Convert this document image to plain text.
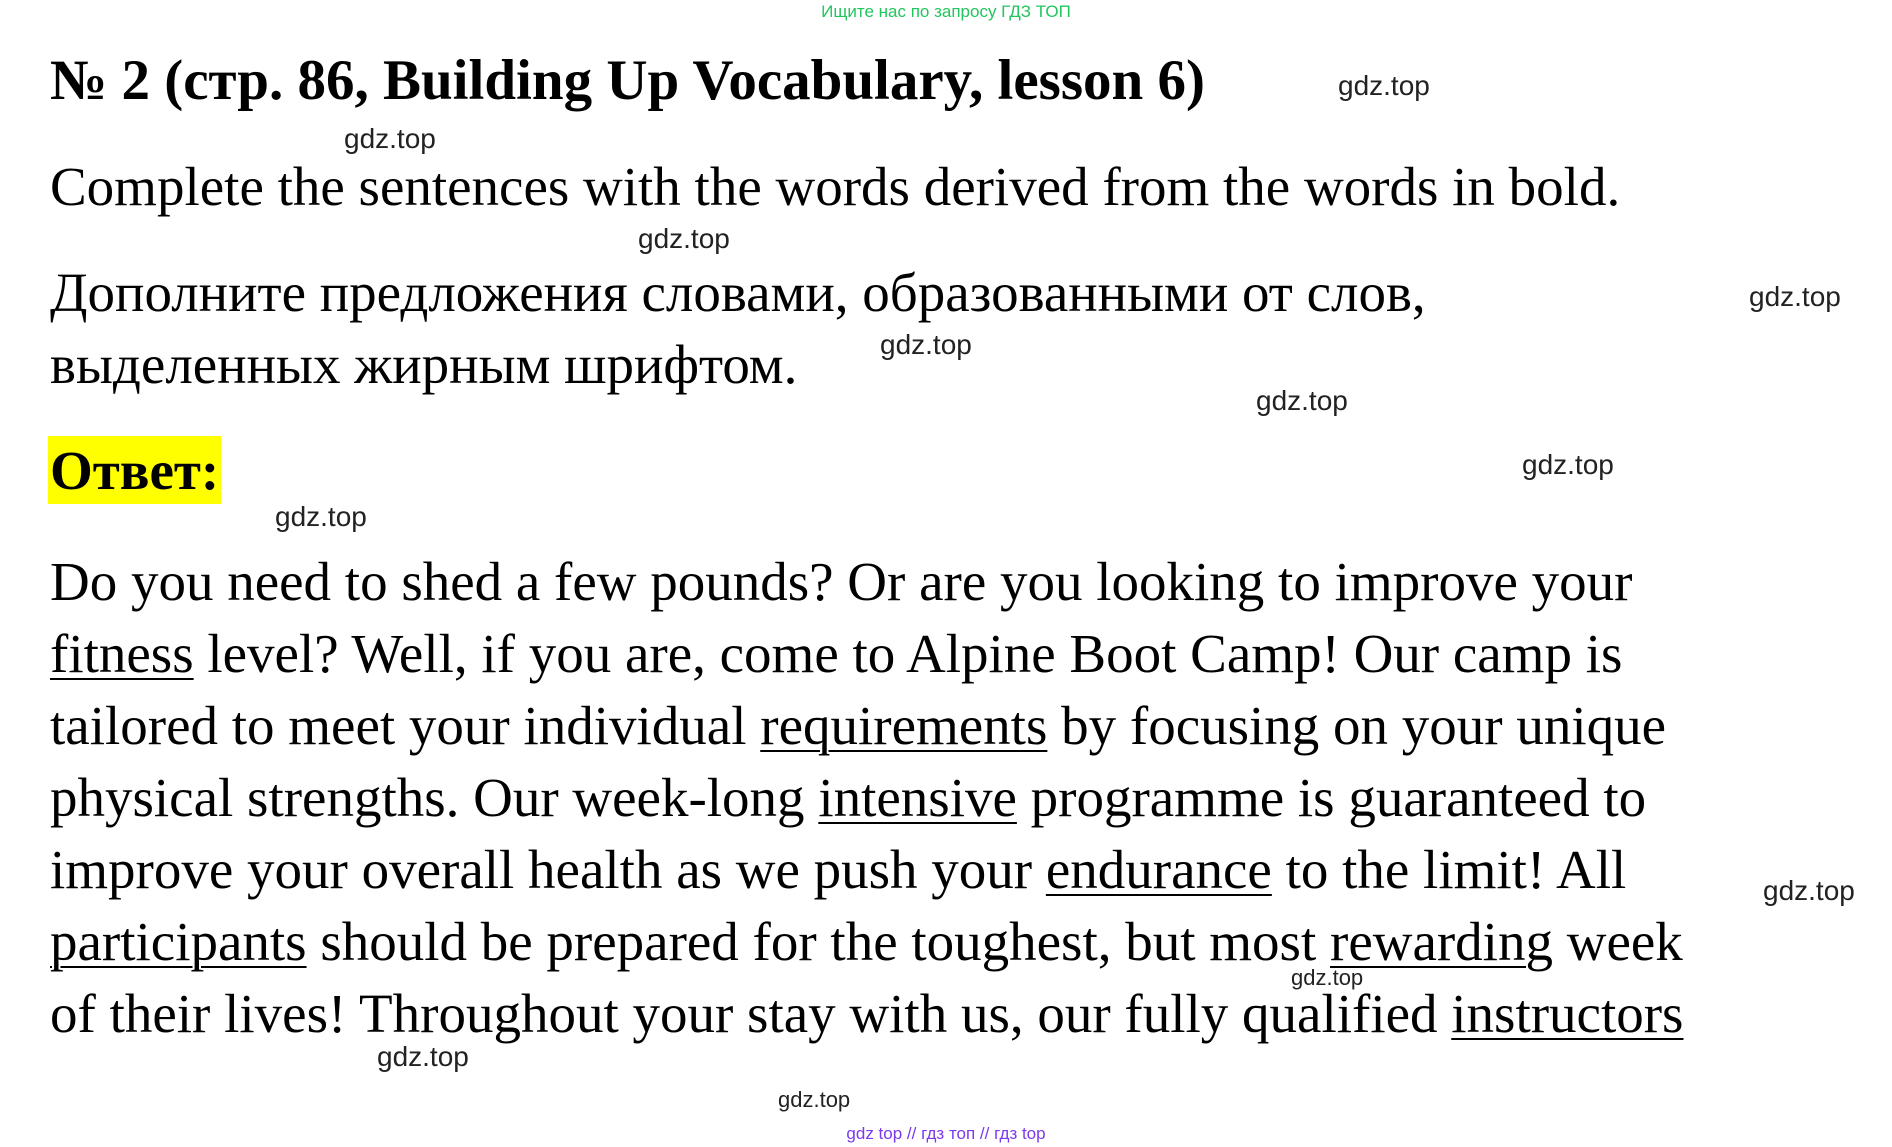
Ищите нас по запросу ГДЗ ТОП
№ 2 (стр. 86, Building Up Vocabulary, lesson 6)

Complete the sentences with the words derived from the words in bold.

Дополните предложения словами, образованными от слов,

выделенных жирным шрифтом.

Ответ:
Do you need to shed a few pounds? Or are you looking to improve your
fitness level? Well, if you are, come to Alpine Boot Camp! Our camp is
tailored to meet your individual requirements by focusing on your unique
physical strengths. Our week-long intensive programme is guaranteed to
improve your overall health as we push your endurance to the limit! All
participants should be prepared for the toughest, but most rewarding week
of their lives! Throughout your stay with us, our fully qualified instructors
gdz.top
gdz.top
gdz.top
gdz.top
gdz.top
gdz.top
gdz.top
gdz.top
gdz.top
gdz.top
gdz.top
gdz.top
gdz top // гдз топ // гдз top
